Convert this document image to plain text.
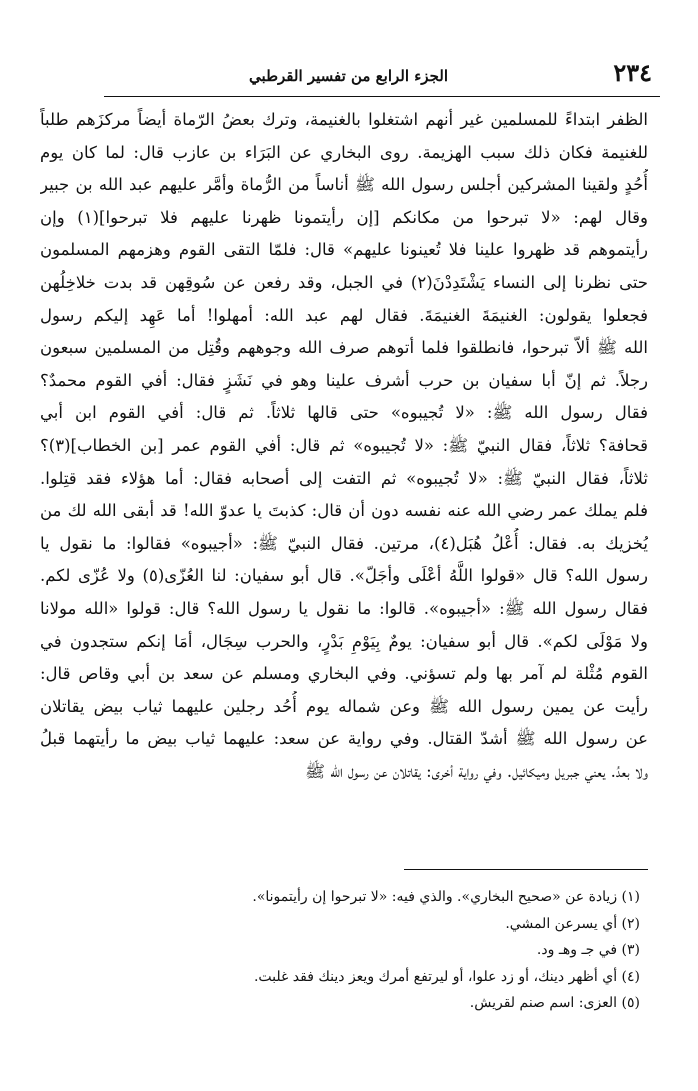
٢٣٤
الجزء الرابع من تفسير القرطبي
الظفر ابتداءً للمسلمين غير أنهم اشتغلوا بالغنيمة، وترك بعضُ الرّماة أيضاً مركزَهم طلباً
للغنيمة فكان ذلك سبب الهزيمة. روى البخاري عن البَرَاء بن عازب قال: لما كان يوم
أُحُدٍ ولقينا المشركين أجلس رسول الله ﷺ أناساً من الرُّماة وأمَّر عليهم عبد الله بن جبير
وقال لهم: «لا تبرحوا من مكانكم [إن رأيتمونا ظهرنا عليهم فلا تبرحوا](١) وإن
رأيتموهم قد ظهروا علينا فلا تُعينونا عليهم» قال: فلمّا التقى القوم وهزمهم المسلمون
حتى نظرنا إلى النساء يَشْتَدِدْنَ(٢) في الجبل، وقد رفعن عن سُوقِهن قد بدت خلاخِلُهن
فجعلوا يقولون: الغنيمَةَ الغنيمَةَ. فقال لهم عبد الله: أمهلوا! أما عَهِد إليكم رسول
الله ﷺ ألاّ تبرحوا، فانطلقوا فلما أتوهم صرف الله وجوههم وقُتِل من المسلمين سبعون
رجلاً. ثم إنّ أبا سفيان بن حرب أشرف علينا وهو في نَشَزٍ فقال: أفي القوم محمدٌ؟
فقال رسول الله ﷺ: «لا تُجيبوه» حتى قالها ثلاثاً. ثم قال: أفي القوم ابن أبي
قحافة؟ ثلاثاً، فقال النبيّ ﷺ: «لا تُجيبوه» ثم قال: أفي القوم عمر [بن الخطاب](٣)؟
ثلاثاً، فقال النبيّ ﷺ: «لا تُجيبوه» ثم التفت إلى أصحابه فقال: أما هؤلاء فقد قتِلوا.
فلم يملك عمر رضي الله عنه نفسه دون أن قال: كذبتَ يا عدوّ الله! قد أبقى الله لك من
يُخزيك به. فقال: أُعْلُ هُبَل(٤)، مرتين. فقال النبيّ ﷺ: «أجيبوه» فقالوا: ما نقول يا
رسول الله؟ قال «قولوا اللَّهُ أعْلَى وأجَلّ». قال أبو سفيان: لنا العُزّى(٥) ولا عُزّى لكم.
فقال رسول الله ﷺ: «أجيبوه». قالوا: ما نقول يا رسول الله؟ قال: قولوا «الله مولانا
ولا مَوْلَى لكم». قال أبو سفيان: يومٌ بِيَوْمِ بَدْرٍ، والحرب سِجَال، أمَا إنكم ستجدون في
القوم مُثْلة لم آمر بها ولم تسؤني. وفي البخاري ومسلم عن سعد بن أبي وقاص قال:
رأيت عن يمين رسول الله ﷺ وعن شماله يوم أُحُد رجلين عليهما ثياب بيض يقاتلان
عن رسول الله ﷺ أشدّ القتال. وفي رواية عن سعد: عليهما ثياب بيض ما رأيتهما قبلُ
ولا بعدُ. يعني جبريل وميكائيل. وفي رواية أخرى: يقاتلان عن رسول الله ﷺ
(١) زيادة عن «صحيح البخاري». والذي فيه: «لا تبرحوا إن رأيتمونا».
(٢) أي يسرعن المشي.
(٣) في جـ وهـ ود.
(٤) أي أظهر دينك، أو زد علوا، أو ليرتفع أمرك ويعز دينك فقد غلبت.
(٥) العزى: اسم صنم لقريش.
